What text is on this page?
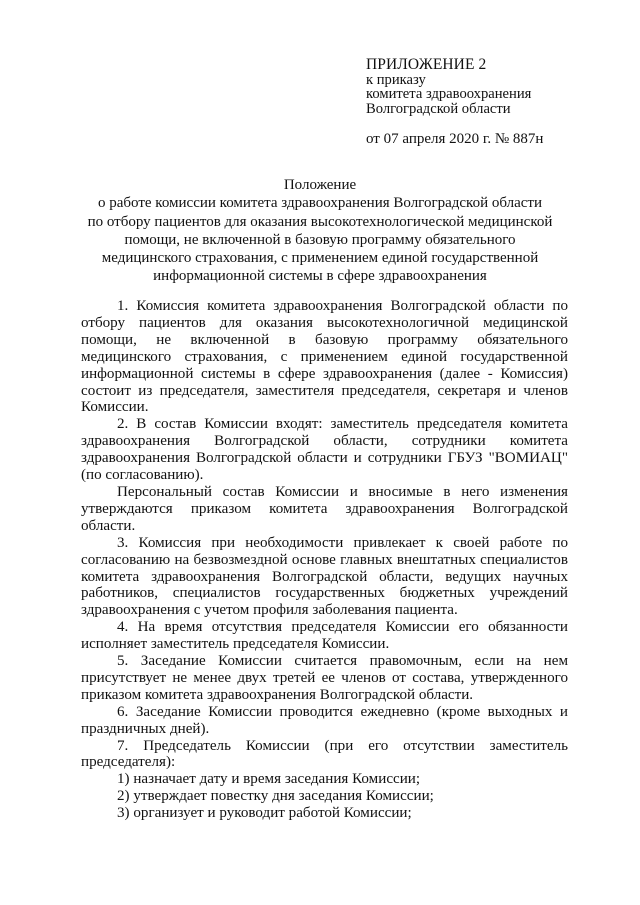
ПРИЛОЖЕНИЕ 2
к приказу
комитета здравоохранения
Волгоградской области
от 07 апреля 2020 г. № 887н
Положение
о работе комиссии комитета здравоохранения Волгоградской области
по отбору пациентов для оказания высокотехнологической медицинской
помощи, не включенной в базовую программу обязательного
медицинского страхования, с применением единой государственной
информационной системы в сфере здравоохранения

1. Комиссия комитета здравоохранения Волгоградской области по отбору пациентов для оказания высокотехнологичной медицинской помощи, не включенной в базовую программу обязательного медицинского страхования, с применением единой государственной информационной системы в сфере здравоохранения (далее - Комиссия) состоит из председателя, заместителя председателя, секретаря и членов Комиссии.

2. В состав Комиссии входят: заместитель председателя комитета здравоохранения Волгоградской области, сотрудники комитета здравоохранения Волгоградской области и сотрудники ГБУЗ "ВОМИАЦ" (по согласованию).

Персональный состав Комиссии и вносимые в него изменения утверждаются приказом комитета здравоохранения Волгоградской области.

3. Комиссия при необходимости привлекает к своей работе по согласованию на безвозмездной основе главных внештатных специалистов комитета здравоохранения Волгоградской области, ведущих научных работников, специалистов государственных бюджетных учреждений здравоохранения с учетом профиля заболевания пациента.

4. На время отсутствия председателя Комиссии его обязанности исполняет заместитель председателя Комиссии.

5. Заседание Комиссии считается правомочным, если на нем присутствует не менее двух третей ее членов от состава, утвержденного приказом комитета здравоохранения Волгоградской области.

6. Заседание Комиссии проводится ежедневно (кроме выходных и праздничных дней).

7. Председатель Комиссии (при его отсутствии заместитель председателя):

1) назначает дату и время заседания Комиссии;

2) утверждает повестку дня заседания Комиссии;

3) организует и руководит работой Комиссии;
